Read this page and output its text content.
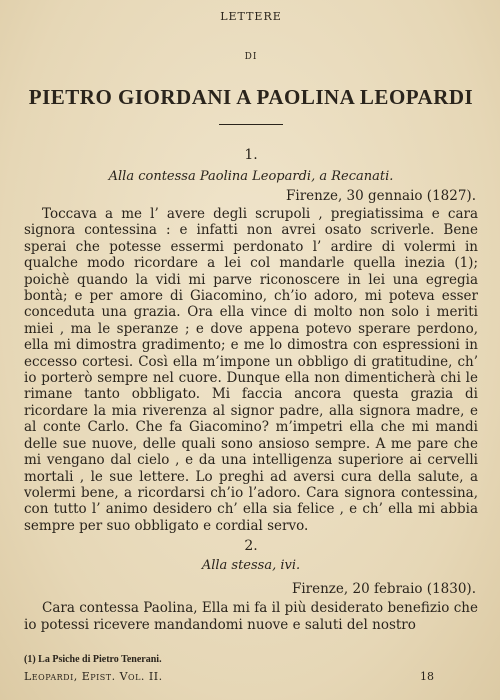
LETTERE

DI

PIETRO GIORDANI A PAOLINA LEOPARDI

1.

Alla contessa Paolina Leopardi, a Recanati.

Firenze, 30 gennaio (1827).

Toccava a me l’ avere degli scrupoli , pregiatissima e cara signora contessina : e infatti non avrei osato scriverle. Bene sperai che potesse essermi perdonato l’ ardire di volermi in qualche modo ricordare a lei col mandarle quella inezia (1); poichè quando la vidi mi parve riconoscere in lei una egregia bontà; e per amore di Giacomino, ch’io adoro, mi poteva esser conceduta una grazia. Ora ella vince di molto non solo i meriti miei , ma le speranze ; e dove appena potevo sperare perdono, ella mi dimostra gradimento; e me lo dimostra con espressioni in eccesso cortesi. Così ella m’impone un obbligo di gratitudine, ch’ io porterò sempre nel cuore. Dunque ella non dimenticherà chi le rimane tanto obbligato. Mi faccia ancora questa grazia di ricordare la mia riverenza al signor padre, alla signora madre, e al conte Carlo. Che fa Giacomino? m’impetri ella che mi mandi delle sue nuove, delle quali sono ansioso sempre. A me pare che mi vengano dal cielo , e da una intelligenza superiore ai cervelli mortali , le sue lettere. Lo preghi ad aversi cura della salute, a volermi bene, a ricordarsi ch’io l’adoro. Cara signora contessina, con tutto l’ animo desidero ch’ ella sia felice , e ch’ ella mi abbia sempre per suo obbligato e cordial servo.

2.

Alla stessa, ivi.

Firenze, 20 febraio (1830).

Cara contessa Paolina, Ella mi fa il più desiderato benefizio che io potessi ricevere mandandomi nuove e saluti del nostro

(1) La Psiche di Pietro Tenerani.
Leopardi, Epist. Vol. II.	18
